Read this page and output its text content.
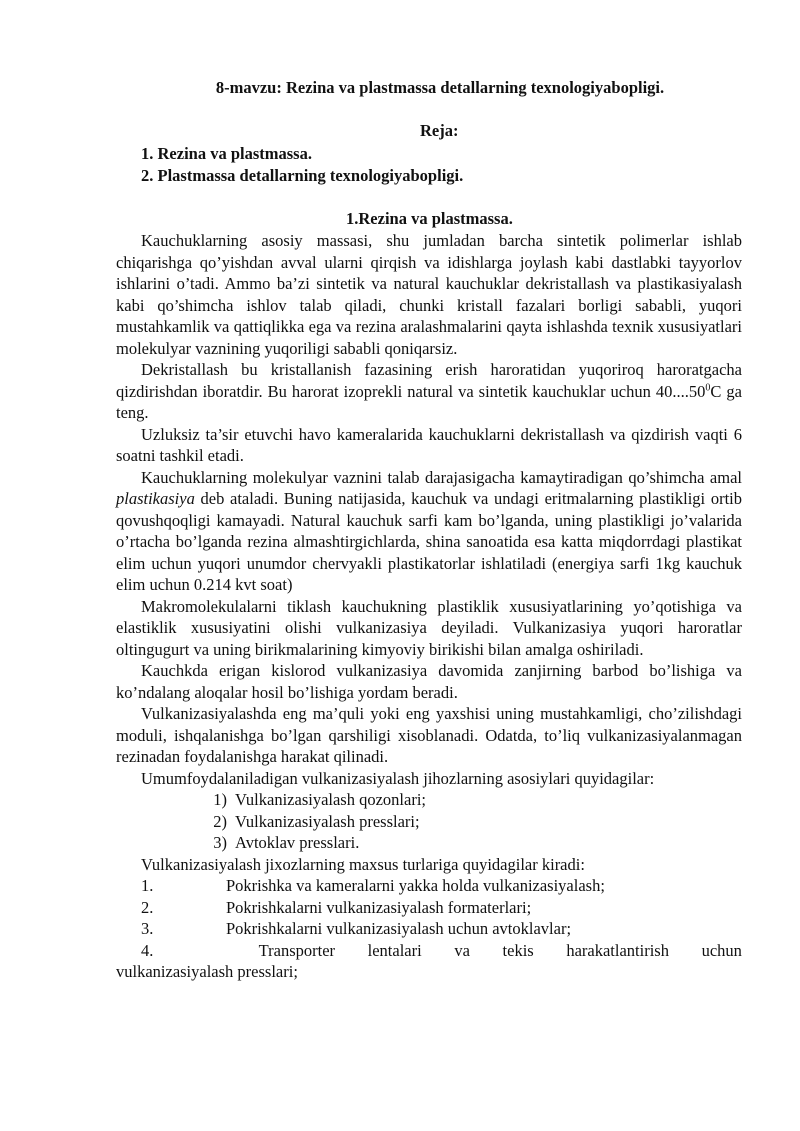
8-mavzu: Rezina va plastmassa detallarning texnologiyabopligi.
Reja:
1. Rezina va plastmassa.
2. Plastmassa detallarning texnologiyabopligi.
1.Rezina va plastmassa.

Kauchuklarning asosiy massasi, shu jumladan barcha sintetik polimerlar ishlab chiqarishga qo’yishdan avval ularni qirqish va idishlarga joylash kabi dastlabki tayyorlov ishlarini o’tadi. Ammo ba’zi sintetik va natural kauchuklar dekristallash va plastikasiyalash kabi qo’shimcha ishlov talab qiladi, chunki kristall fazalari borligi sababli, yuqori mustahkamlik va qattiqlikka ega va rezina aralashmalarini qayta ishlashda texnik xususiyatlari molekulyar vaznining yuqoriligi sababli qoniqarsiz.

Dekristallash bu kristallanish fazasining erish haroratidan yuqoriroq haroratgacha qizdirishdan iboratdir. Bu harorat izoprekli natural va sintetik kauchuklar uchun 40....50$^0$C ga teng.

Uzluksiz ta’sir etuvchi havo kameralarida kauchuklarni dekristallash va qizdirish vaqti 6 soatni tashkil etadi.

Kauchuklarning molekulyar vaznini talab darajasigacha kamaytiradigan qo’shimcha amal plastikasiya deb ataladi. Buning natijasida, kauchuk va undagi eritmalarning plastikligi ortib qovushqoqligi kamayadi. Natural kauchuk sarfi kam bo’lganda, uning plastikligi jo’valarida o’rtacha bo’lganda rezina almashtirgichlarda, shina sanoatida esa katta miqdorrdagi plastikat elim uchun yuqori unumdor chervyakli plastikatorlar ishlatiladi (energiya sarfi 1kg kauchuk elim uchun 0.214 kvt soat)

Makromolekulalarni tiklash kauchukning plastiklik xususiyatlarining yo’qotishiga va elastiklik xususiyatini olishi vulkanizasiya deyiladi. Vulkanizasiya yuqori haroratlar oltingugurt va uning birikmalarining kimyoviy birikishi bilan amalga oshiriladi.

Kauchkda erigan kislorod vulkanizasiya davomida zanjirning barbod bo’lishiga va ko’ndalang aloqalar hosil bo’lishiga yordam beradi.

Vulkanizasiyalashda eng ma’quli yoki eng yaxshisi uning mustahkamligi, cho’zilishdagi moduli, ishqalanishga bo’lgan qarshiligi xisoblanadi. Odatda, to’liq vulkanizasiyalanmagan rezinadan foydalanishga harakat qilinadi.

Umumfoydalaniladigan vulkanizasiyalash jihozlarning asosiylari quyidagilar:

1) Vulkanizasiyalash qozonlari;
2) Vulkanizasiyalash presslari;
3) Avtoklav presslari.

Vulkanizasiyalash jixozlarning maxsus turlariga quyidagilar kiradi:

1.	Pokrishka va kameralarni yakka holda vulkanizasiyalash;
2.	Pokrishkalarni vulkanizasiyalash formaterlari;
3.	Pokrishkalarni vulkanizasiyalash uchun avtoklavlar;
4.	Transporter lentalari va tekis harakatlantirish uchun
vulkanizasiyalash presslari;
